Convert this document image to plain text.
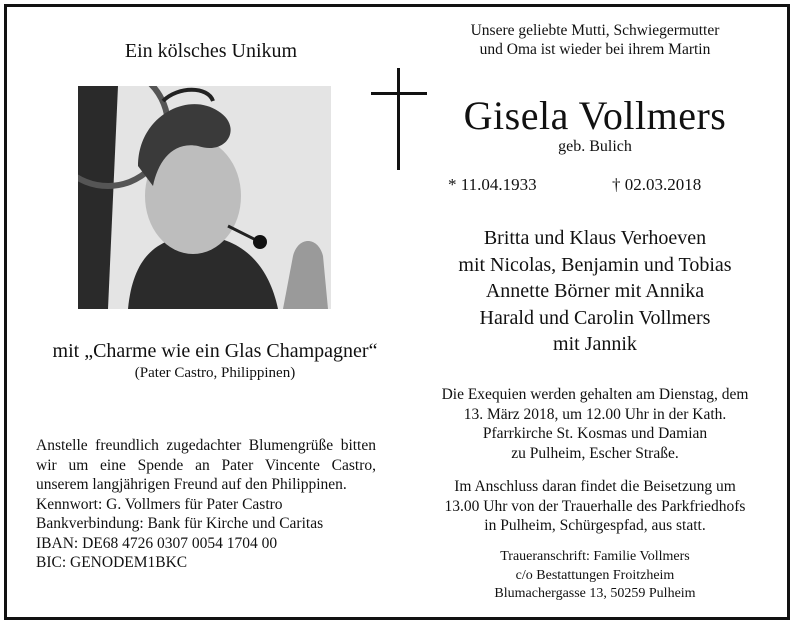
Ein kölsches Unikum
mit „Charme wie ein Glas Champagner“
(Pater Castro, Philippinen)
Anstelle freundlich zugedachter Blumengrüße bitten wir um eine Spende an Pater Vincente Castro, unserem langjährigen Freund auf den Philippinen.
Kennwort: G. Vollmers für Pater Castro
Bankverbindung: Bank für Kirche und Caritas
IBAN: DE68 4726 0307 0054 1704 00
BIC: GENODEM1BKC
Unsere geliebte Mutti, Schwiegermutter
und Oma ist wieder bei ihrem Martin
Gisela Vollmers
geb. Bulich
* 11.04.1933	† 02.03.2018
Britta und Klaus Verhoeven
mit Nicolas, Benjamin und Tobias
Annette Börner mit Annika
Harald und Carolin Vollmers
mit Jannik
Die Exequien werden gehalten am Dienstag, dem
13. März 2018, um 12.00 Uhr in der Kath.
Pfarrkirche St. Kosmas und Damian
zu Pulheim, Escher Straße.
Im Anschluss daran findet die Beisetzung um
13.00 Uhr von der Trauerhalle des Parkfriedhofs
in Pulheim, Schürgespfad, aus statt.
Traueranschrift: Familie Vollmers
c/o Bestattungen Froitzheim
Blumachergasse 13, 50259 Pulheim
